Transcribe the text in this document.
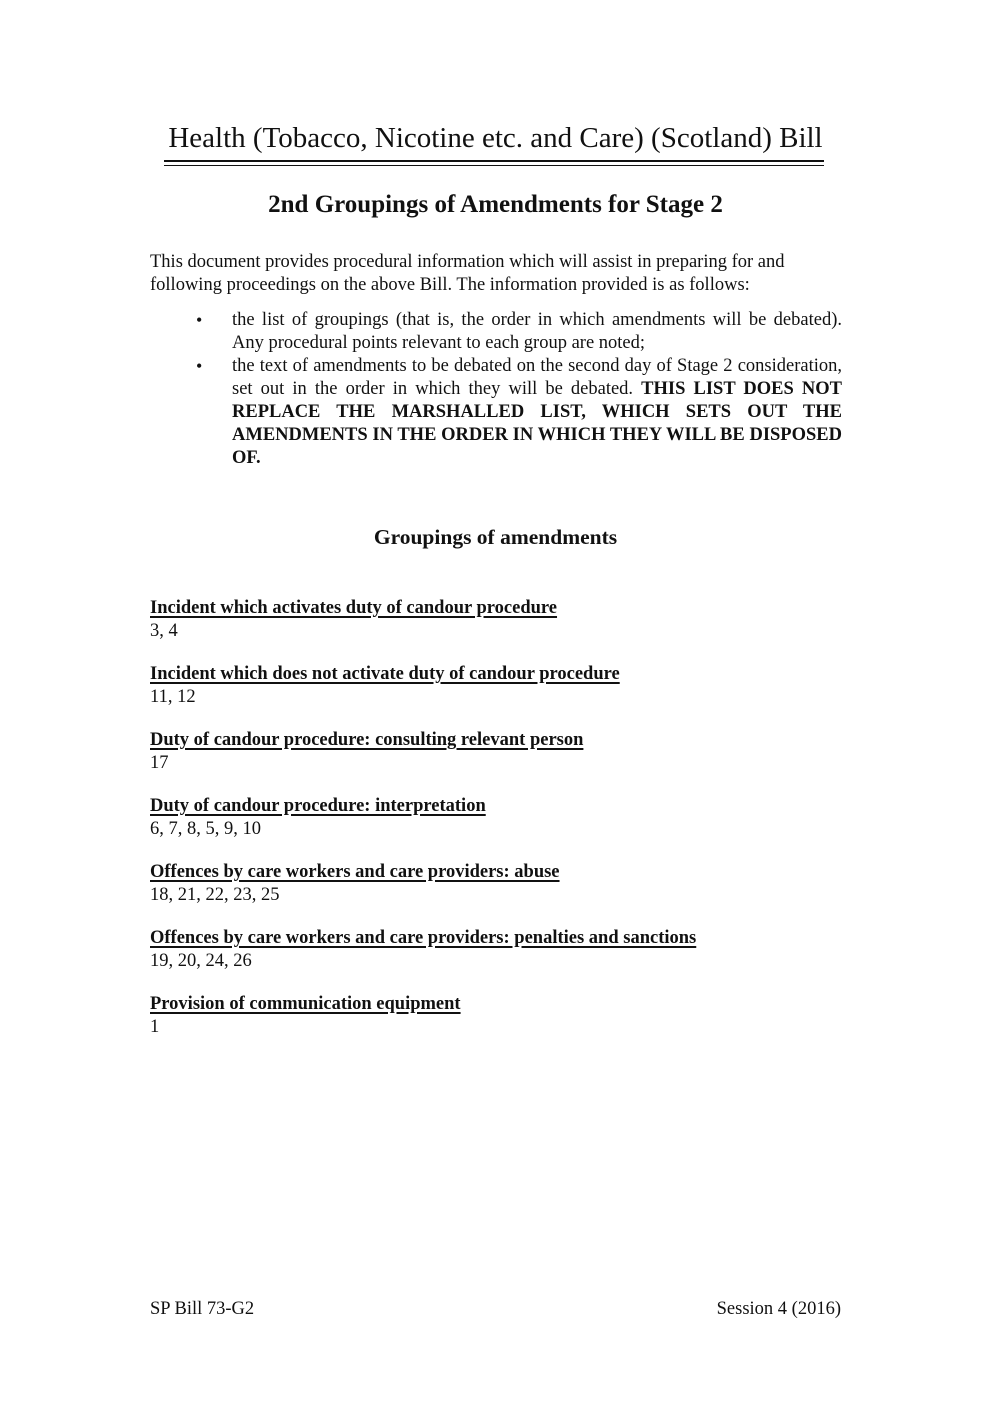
Health (Tobacco, Nicotine etc. and Care) (Scotland) Bill
2nd Groupings of Amendments for Stage 2

This document provides procedural information which will assist in preparing for and following proceedings on the above Bill. The information provided is as follows:

• the list of groupings (that is, the order in which amendments will be debated). Any procedural points relevant to each group are noted;
• the text of amendments to be debated on the second day of Stage 2 consideration, set out in the order in which they will be debated. THIS LIST DOES NOT REPLACE THE MARSHALLED LIST, WHICH SETS OUT THE AMENDMENTS IN THE ORDER IN WHICH THEY WILL BE DISPOSED OF.
Groupings of amendments
Incident which activates duty of candour procedure
3, 4
Incident which does not activate duty of candour procedure
11, 12
Duty of candour procedure: consulting relevant person
17
Duty of candour procedure: interpretation
6, 7, 8, 5, 9, 10
Offences by care workers and care providers: abuse
18, 21, 22, 23, 25
Offences by care workers and care providers: penalties and sanctions
19, 20, 24, 26
Provision of communication equipment
1
SP Bill 73-G2	Session 4 (2016)
